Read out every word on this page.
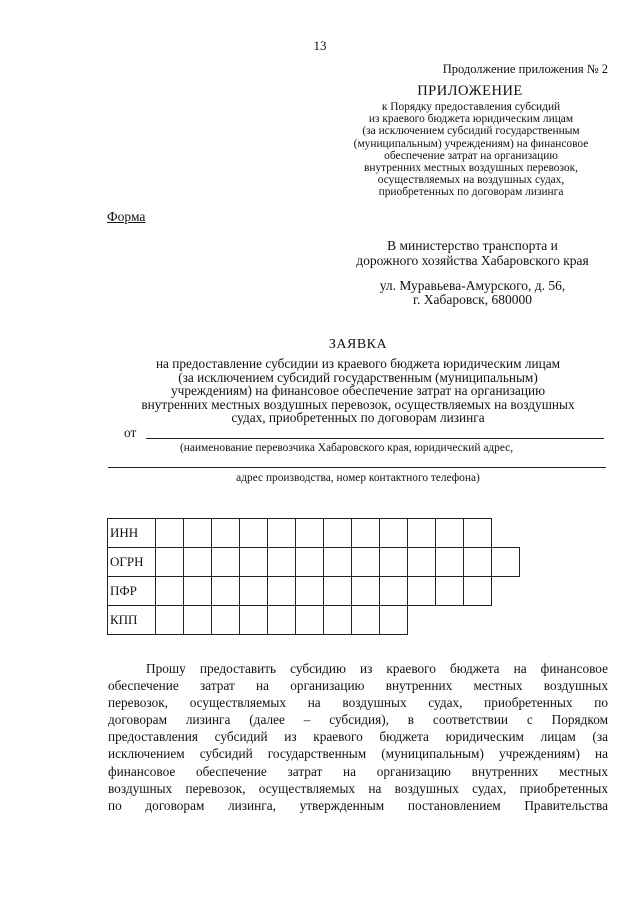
13
Продолжение приложения № 2
ПРИЛОЖЕНИЕ
к Порядку предоставления субсидий
из краевого бюджета юридическим лицам
(за исключением субсидий государственным
(муниципальным) учреждениям) на финансовое
обеспечение затрат на организацию
внутренних местных воздушных перевозок,
осуществляемых на воздушных судах,
приобретенных по договорам лизинга
Форма
В министерство транспорта и
дорожного хозяйства Хабаровского края
ул. Муравьева-Амурского, д. 56,
г. Хабаровск, 680000
ЗАЯВКА
на предоставление субсидии из краевого бюджета юридическим лицам
(за исключением субсидий государственным (муниципальным)
учреждениям) на финансовое обеспечение затрат на организацию
внутренних местных воздушных перевозок, осуществляемых на воздушных
судах, приобретенных по договорам лизинга
от
(наименование перевозчика Хабаровского края, юридический адрес,
адрес производства, номер контактного телефона)
ИНН													
ОГРН													
ПФР													
КПП													
Прошу предоставить субсидию из краевого бюджета на финансовое
обеспечение затрат на организацию внутренних местных воздушных
перевозок, осуществляемых на воздушных судах, приобретенных по
договорам лизинга (далее – субсидия), в соответствии с Порядком
предоставления субсидий из краевого бюджета юридическим лицам (за
исключением субсидий государственным (муниципальным) учреждениям) на
финансовое обеспечение затрат на организацию внутренних местных
воздушных перевозок, осуществляемых на воздушных судах, приобретенных
по договорам лизинга, утвержденным постановлением Правительства
